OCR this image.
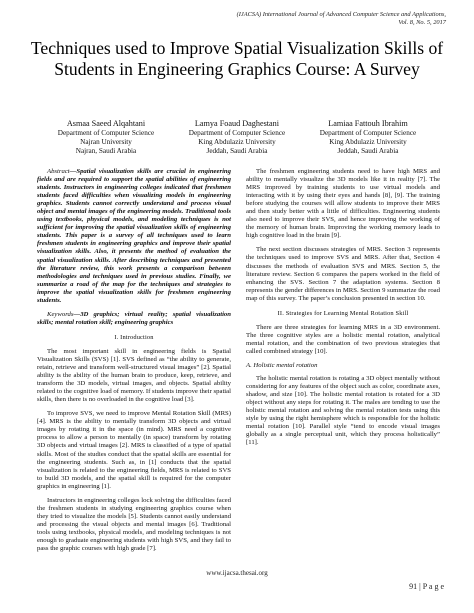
(IJACSA) International Journal of Advanced Computer Science and Applications,
Vol. 8, No. 5, 2017
Techniques used to Improve Spatial Visualization Skills of Students in Engineering Graphics Course: A Survey
Asmaa Saeed Alqahtani
Department of Computer Science
Najran University
Najran, Saudi Arabia
Lamya Foaud Daghestani
Department of Computer Science
King Abdulaziz University
Jeddah, Saudi Arabia
Lamiaa Fattouh Ibrahim
Department of Computer Science
King Abdulaziz University
Jeddah, Saudi Arabia

Abstract—Spatial visualization skills are crucial in engineering fields and are required to support the spatial abilities of engineering students. Instructors in engineering colleges indicated that freshmen students faced difficulties when visualizing models in engineering graphics. Students cannot correctly understand and process visual object and mental images of the engineering models. Traditional tools using textbooks, physical models, and modeling techniques is not sufficient for improving the spatial visualization skills of engineering students. This paper is a survey of all techniques used to learn freshmen students in engineering graphics and improve their spatial visualization skills. Also, it presents the method of evaluation the spatial visualization skills. After describing techniques and presented the literature review, this work presents a comparison between methodologies and techniques used in previous studies. Finally, we summarize a road of the map for the techniques and strategies to improve the spatial visualization skills for freshmen engineering students.

Keywords—3D graphics; virtual reality; spatial visualization skills; mental rotation skill; engineering graphics

I. Introduction

The most important skill in engineering fields is Spatial Visualization Skills (SVS) [1]. SVS defined as “the ability to generate, retain, retrieve and transform well-structured visual images” [2]. Spatial ability is the ability of the human brain to produce, keep, retrieve, and transform the 3D models, virtual images, and objects. Spatial ability related to the cognitive load of memory. If students improve their spatial skills, then there is no overloaded in the cognitive load [3].

To improve SVS, we need to improve Mental Rotation Skill (MRS) [4]. MRS is the ability to mentally transform 3D objects and virtual images by rotating it in the space (in mind). MRS need a cognitive process to allow a person to mentally (in space) transform by rotating 3D objects and virtual images [2]. MRS is classified of a type of spatial skills. Most of the studies conduct that the spatial skills are essential for the engineering students. Such as, in [1] conducts that the spatial visualization is related to the engineering fields, MRS is related to SVS to build 3D models, and the spatial skill is required for the computer graphics in engineering [1].

Instructors in engineering colleges lock solving the difficulties faced the freshmen students in studying engineering graphics course when they tried to visualize the models [5]. Students cannot easily understand and processing the visual objects and mental images [6]. Traditional tools using textbooks, physical models, and modeling techniques is not enough to graduate engineering students with high SVS, and they fail to pass the graphic courses with high grade [7].

The freshmen engineering students need to have high MRS and ability to mentally visualize the 3D models like it in reality [7]. The MRS improved by training students to use virtual models and interacting with it by using their eyes and hands [8], [9]. The training before studying the courses will allow students to improve their MRS and then study better with a little of difficulties. Engineering students also need to improve their SVS, and hence improving the working of the memory of human brain. Improving the working memory leads to high cognitive load in the brain [9].

The next section discusses strategies of MRS. Section 3 represents the techniques used to improve SVS and MRS. After that, Section 4 discusses the methods of evaluation SVS and MRS. Section 5, the literature review. Section 6 compares the papers worked in the field of enhancing the SVS. Section 7 the adaptation systems. Section 8 represents the gender differences in MRS. Section 9 summarize the road map of this survey. The paper’s conclusion presented in section 10.

II. Strategies for Learning Mental Rotation Skill

There are three strategies for learning MRS in a 3D environment. The three cognitive styles are a holistic mental rotation, analytical mental rotation, and the combination of two previous strategies that called combined strategy [10].

A. Holistic mental rotation

The holistic mental rotation is rotating a 3D object mentally without considering for any features of the object such as color, coordinate axes, shadow, and size [10]. The holistic mental rotation is rotated for a 3D object without any steps for rotating it. The males are tending to use the holistic mental rotation and solving the mental rotation tests using this style by using the right hemisphere which is responsible for the holistic mental rotation [10]. Parallel style “tend to encode visual images globally as a single perceptual unit, which they process holistically” [11].

www.ijacsa.thesai.org
91 | P a g e
